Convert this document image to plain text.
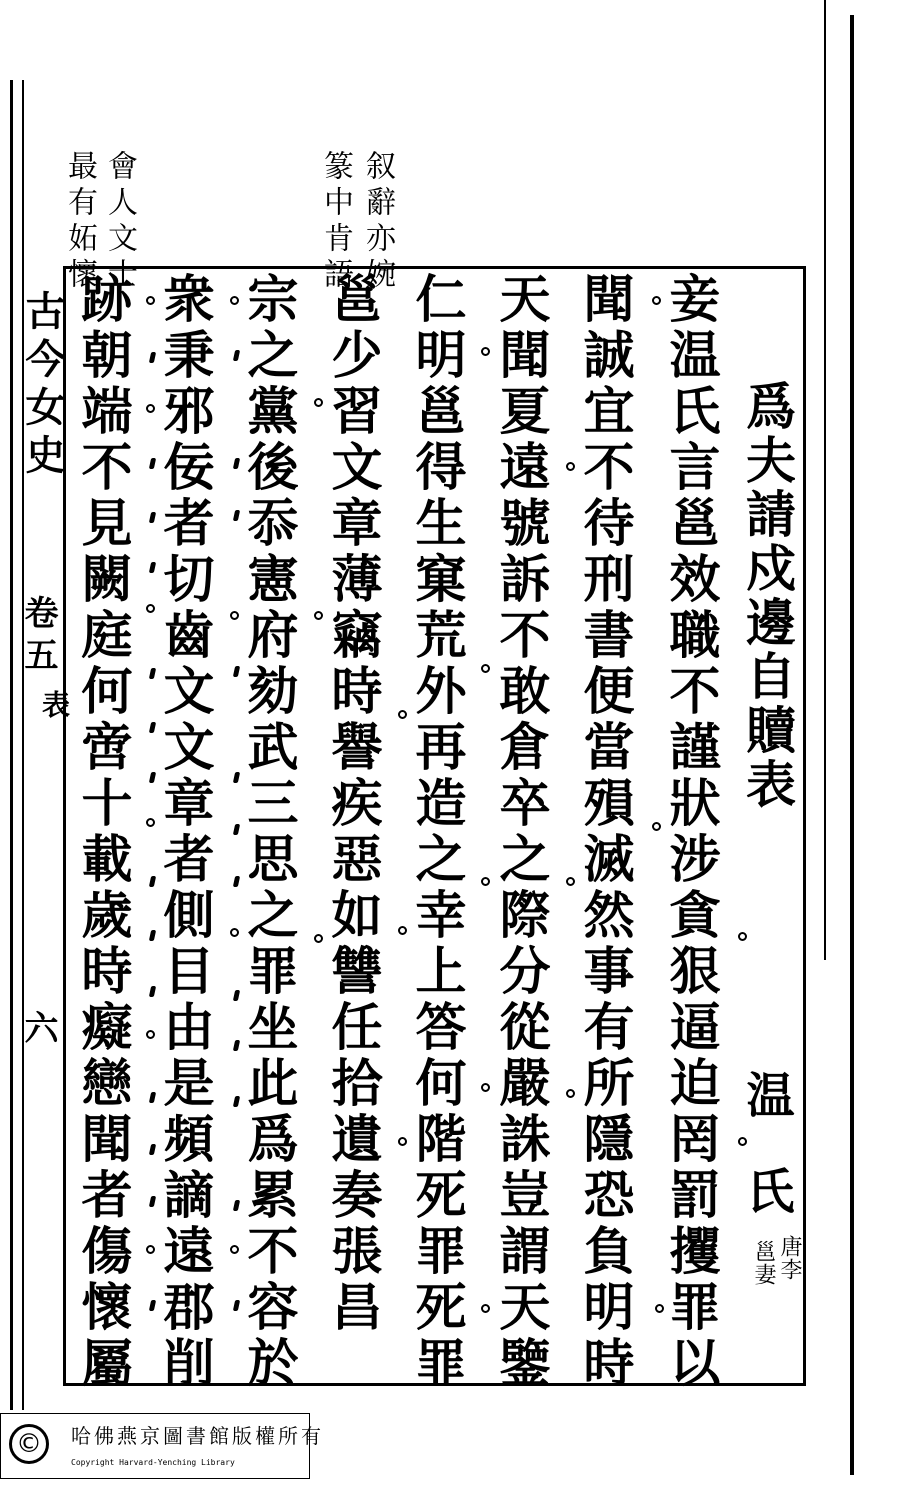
古今女史
卷五
表
六
叙辭亦婉
篆中肯語
會人文士
最有妬懷
爲夫請戍邊自贖表
温　氏
唐李
邕妻
妾温氏言邕效職不謹狀涉貪狠逼迫罔罰攫罪以
聞誠宜不待刑書便當殞滅然事有所隱恐負明時
天聞夏遠號訴不敢倉卒之際分從嚴誅豈謂天鑒
仁明邕得生窠荒外再造之幸上答何階死罪死罪
邕少習文章薄竊時譽疾惡如讐任拾遺奏張昌
宗之黨後忝憲府劾武三思之罪坐此爲累不容於
衆秉邪佞者切齒文文章者側目由是頻謫遠郡削
跡朝端不見闕庭何啻十載歲時癡戀聞者傷懷屬
©	哈佛燕京圖書館版權所有
Copyright Harvard-Yenching Library
